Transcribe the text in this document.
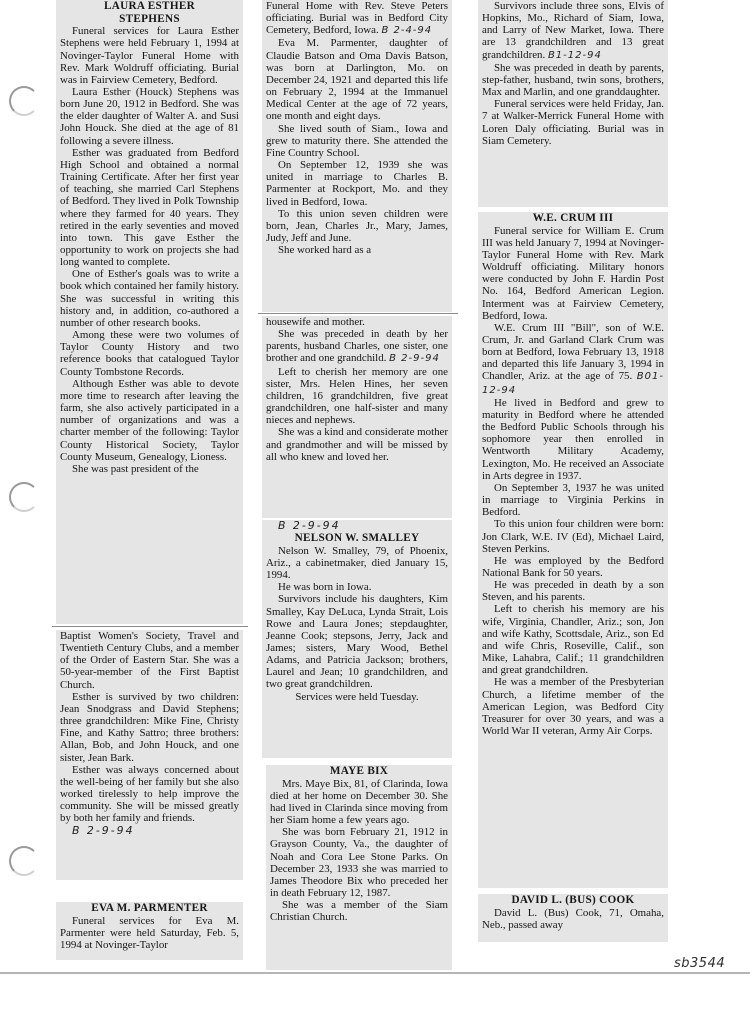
LAURA ESTHER
STEPHENS

Funeral services for Laura Esther Stephens were held February 1, 1994 at Novinger-Taylor Funeral Home with Rev. Mark Woldruff officiating. Burial was in Fairview Cemetery, Bedford.

Laura Esther (Houck) Stephens was born June 20, 1912 in Bedford. She was the elder daughter of Walter A. and Susi John Houck. She died at the age of 81 following a severe illness.

Esther was graduated from Bedford High School and obtained a normal Training Certificate. After her first year of teaching, she married Carl Stephens of Bedford. They lived in Polk Township where they farmed for 40 years. They retired in the early seventies and moved into town. This gave Esther the opportunity to work on projects she had long wanted to complete.

One of Esther's goals was to write a book which contained her family history. She was successful in writing this history and, in addition, co-authored a number of other research books.

Among these were two volumes of Taylor County History and two reference books that catalogued Taylor County Tombstone Records.

Although Esther was able to devote more time to research after leaving the farm, she also actively participated in a number of organizations and was a charter member of the following: Taylor County Historical Society, Taylor County Museum, Genealogy, Lioness.

She was past president of the

Baptist Women's Society, Travel and Twentieth Century Clubs, and a member of the Order of Eastern Star. She was a 50-year-member of the First Baptist Church.

Esther is survived by two children: Jean Snodgrass and David Stephens; three grandchildren: Mike Fine, Christy Fine, and Kathy Sattro; three brothers: Allan, Bob, and John Houck, and one sister, Jean Bark.

Esther was always concerned about the well-being of her family but she also worked tirelessly to help improve the community. She will be missed greatly by both her family and friends.

B 2-9-94

EVA M. PARMENTER

Funeral services for Eva M. Parmenter were held Saturday, Feb. 5, 1994 at Novinger-Taylor

Funeral Home with Rev. Steve Peters officiating. Burial was in Bedford City Cemetery, Bedford, Iowa. B 2-4-94

Eva M. Parmenter, daughter of Claudie Batson and Oma Davis Batson, was born at Darlington, Mo. on December 24, 1921 and departed this life on February 2, 1994 at the Immanuel Medical Center at the age of 72 years, one month and eight days.

She lived south of Siam., Iowa and grew to maturity there. She attended the Fine Country School.

On September 12, 1939 she was united in marriage to Charles B. Parmenter at Rockport, Mo. and they lived in Bedford, Iowa.

To this union seven children were born, Jean, Charles Jr., Mary, James, Judy, Jeff and June.

She worked hard as a

housewife and mother.

She was preceded in death by her parents, husband Charles, one sister, one brother and one grandchild. B 2-9-94

Left to cherish her memory are one sister, Mrs. Helen Hines, her seven children, 16 grandchildren, five great grandchildren, one half-sister and many nieces and nephews.

She was a kind and considerate mother and grandmother and will be missed by all who knew and loved her.

B 2-9-94

NELSON W. SMALLEY

Nelson W. Smalley, 79, of Phoenix, Ariz., a cabinetmaker, died January 15, 1994.

He was born in Iowa.

Survivors include his daughters, Kim Smalley, Kay DeLuca, Lynda Strait, Lois Rowe and Laura Jones; stepdaughter, Jeanne Cook; stepsons, Jerry, Jack and James; sisters, Mary Wood, Bethel Adams, and Patricia Jackson; brothers, Laurel and Jean; 10 grandchildren, and two great grandchildren.

Services were held Tuesday.

MAYE BIX

Mrs. Maye Bix, 81, of Clarinda, Iowa died at her home on December 30. She had lived in Clarinda since moving from her Siam home a few years ago.

She was born February 21, 1912 in Grayson County, Va., the daughter of Noah and Cora Lee Stone Parks. On December 23, 1933 she was married to James Theodore Bix who preceded her in death February 12, 1987.

She was a member of the Siam Christian Church.

Survivors include three sons, Elvis of Hopkins, Mo., Richard of Siam, Iowa, and Larry of New Market, Iowa. There are 13 grandchildren and 13 great grandchildren. B1-12-94

She was preceded in death by parents, step-father, husband, twin sons, brothers, Max and Marlin, and one granddaughter.

Funeral services were held Friday, Jan. 7 at Walker-Merrick Funeral Home with Loren Daly officiating. Burial was in Siam Cemetery.

W.E. CRUM III

Funeral service for William E. Crum III was held January 7, 1994 at Novinger-Taylor Funeral Home with Rev. Mark Woldruff officiating. Military honors were conducted by John F. Hardin Post No. 164, Bedford American Legion. Interment was at Fairview Cemetery, Bedford, Iowa.

W.E. Crum III "Bill", son of W.E. Crum, Jr. and Garland Clark Crum was born at Bedford, Iowa February 13, 1918 and departed this life January 3, 1994 in Chandler, Ariz. at the age of 75. B01-12-94

He lived in Bedford and grew to maturity in Bedford where he attended the Bedford Public Schools through his sophomore year then enrolled in Wentworth Military Academy, Lexington, Mo. He received an Associate in Arts degree in 1937.

On September 3, 1937 he was united in marriage to Virginia Perkins in Bedford.

To this union four children were born: Jon Clark, W.E. IV (Ed), Michael Laird, Steven Perkins.

He was employed by the Bedford National Bank for 50 years.

He was preceded in death by a son Steven, and his parents.

Left to cherish his memory are his wife, Virginia, Chandler, Ariz.; son, Jon and wife Kathy, Scottsdale, Ariz., son Ed and wife Chris, Roseville, Calif., son Mike, Lahabra, Calif.; 11 grandchildren and great grandchildren.

He was a member of the Presbyterian Church, a lifetime member of the American Legion, was Bedford City Treasurer for over 30 years, and was a World War II veteran, Army Air Corps.

DAVID L. (BUS) COOK

David L. (Bus) Cook, 71, Omaha, Neb., passed away

sb3544
